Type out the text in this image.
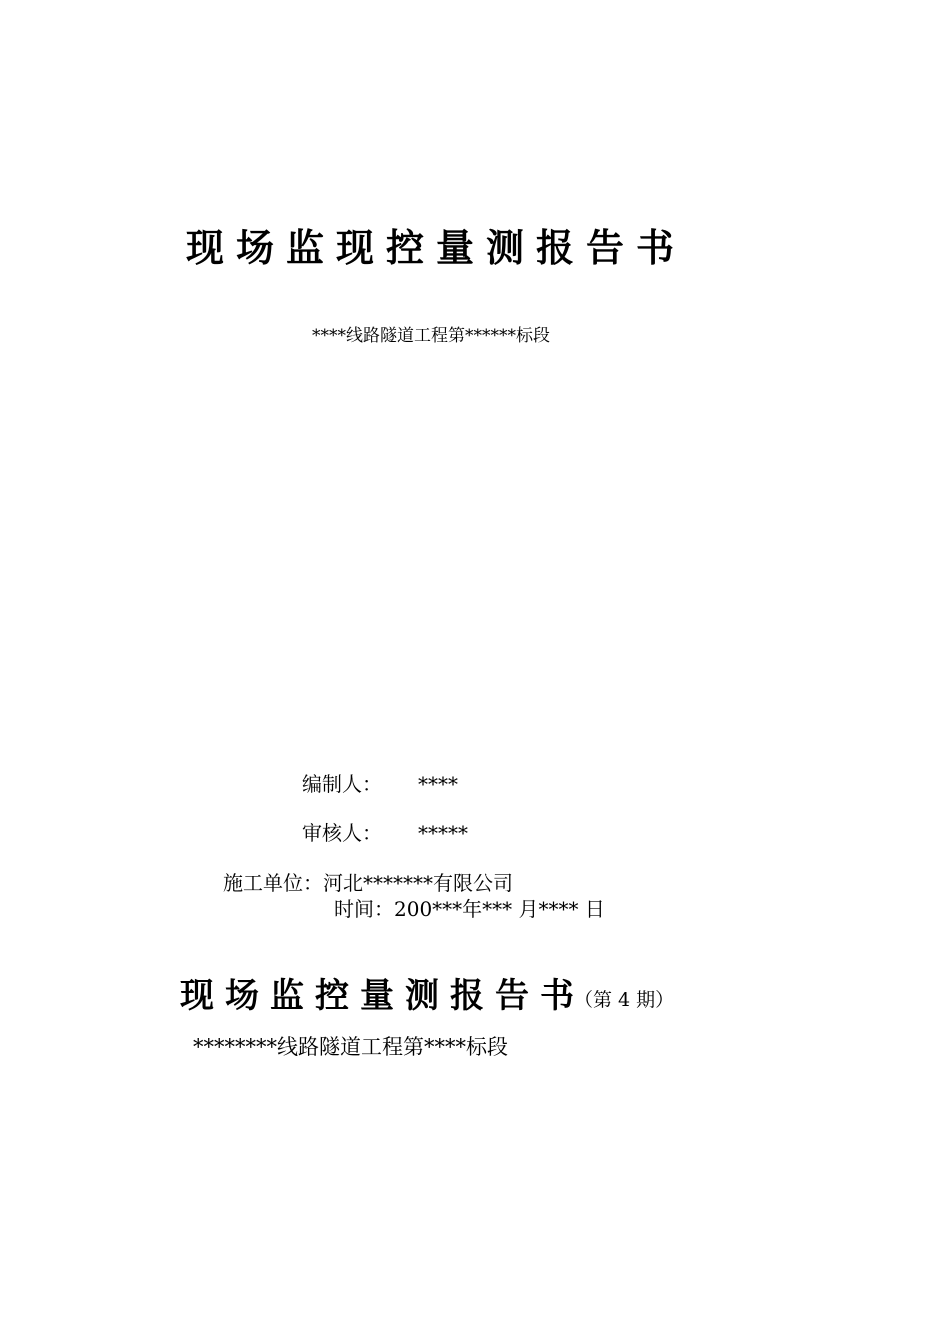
现场监现控量测报告书
****线路隧道工程第******标段
编制人： ****
审核人： *****
施工单位：河北*******有限公司
时间：200***年*** 月**** 日
现场监控量测报告书
（第 4 期）
********线路隧道工程第****标段
